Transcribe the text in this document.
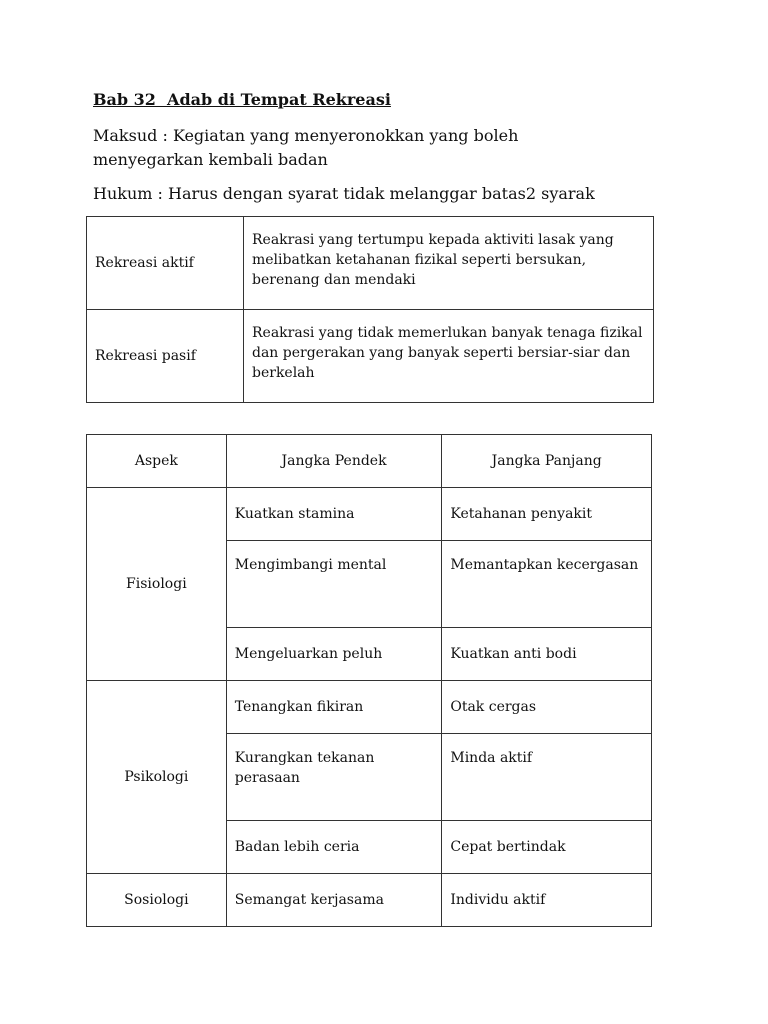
Bab 32  Adab di Tempat Rekreasi

Maksud : Kegiatan yang menyeronokkan yang boleh menyegarkan kembali badan

Hukum : Harus dengan syarat tidak melanggar batas2 syarak

Rekreasi aktif	Reakrasi yang tertumpu kepada aktiviti lasak yang melibatkan ketahanan fizikal seperti bersukan, berenang dan mendaki

Rekreasi pasif	Reakrasi yang tidak memerlukan banyak tenaga fizikal dan pergerakan yang banyak seperti bersiar-siar dan berkelah
Aspek	Jangka Pendek	Jangka Panjang
Fisiologi	Kuatkan stamina	Ketahanan penyakit
	Mengimbangi mental	Memantapkan kecergasan
	Mengeluarkan peluh	Kuatkan anti bodi
Psikologi	Tenangkan fikiran	Otak cergas
	Kurangkan tekanan perasaan	Minda aktif
	Badan lebih ceria	Cepat bertindak
Sosiologi	Semangat kerjasama	Individu aktif
